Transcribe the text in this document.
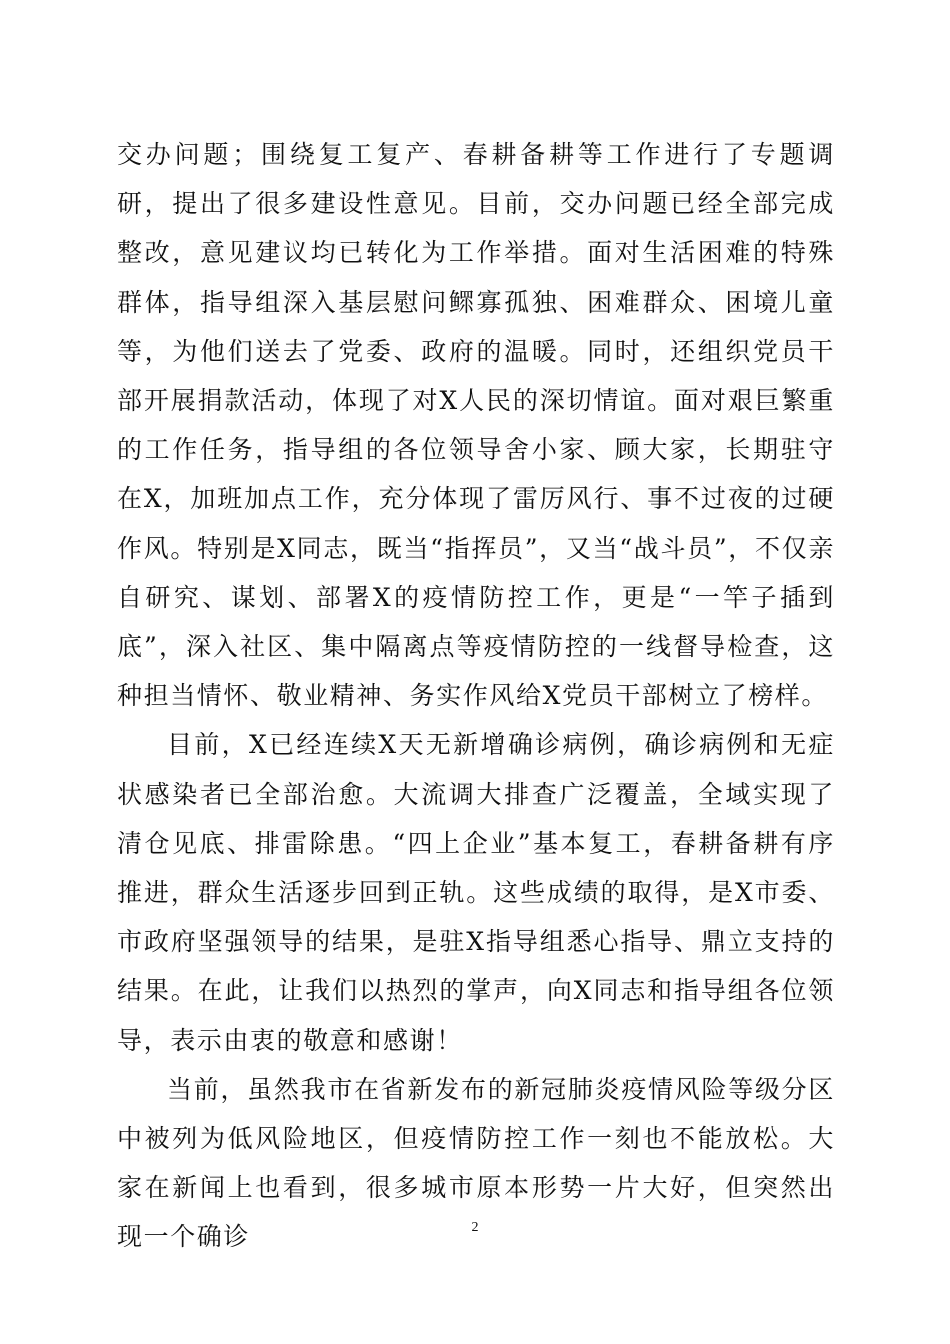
交办问题；围绕复工复产、春耕备耕等工作进行了专题调研，提出了很多建设性意见。目前，交办问题已经全部完成整改，意见建议均已转化为工作举措。面对生活困难的特殊群体，指导组深入基层慰问鳏寡孤独、困难群众、困境儿童等，为他们送去了党委、政府的温暖。同时，还组织党员干部开展捐款活动，体现了对X人民的深切情谊。面对艰巨繁重的工作任务，指导组的各位领导舍小家、顾大家，长期驻守在X，加班加点工作，充分体现了雷厉风行、事不过夜的过硬作风。特别是X同志，既当“指挥员”，又当“战斗员”，不仅亲自研究、谋划、部署X的疫情防控工作，更是“一竿子插到底”，深入社区、集中隔离点等疫情防控的一线督导检查，这种担当情怀、敬业精神、务实作风给X党员干部树立了榜样。

目前，X已经连续X天无新增确诊病例，确诊病例和无症状感染者已全部治愈。大流调大排查广泛覆盖，全域实现了清仓见底、排雷除患。“四上企业”基本复工，春耕备耕有序推进，群众生活逐步回到正轨。这些成绩的取得，是X市委、市政府坚强领导的结果，是驻X指导组悉心指导、鼎立支持的结果。在此，让我们以热烈的掌声，向X同志和指导组各位领导，表示由衷的敬意和感谢！

当前，虽然我市在省新发布的新冠肺炎疫情风险等级分区中被列为低风险地区，但疫情防控工作一刻也不能放松。大家在新闻上也看到，很多城市原本形势一片大好，但突然出现一个确诊	2
